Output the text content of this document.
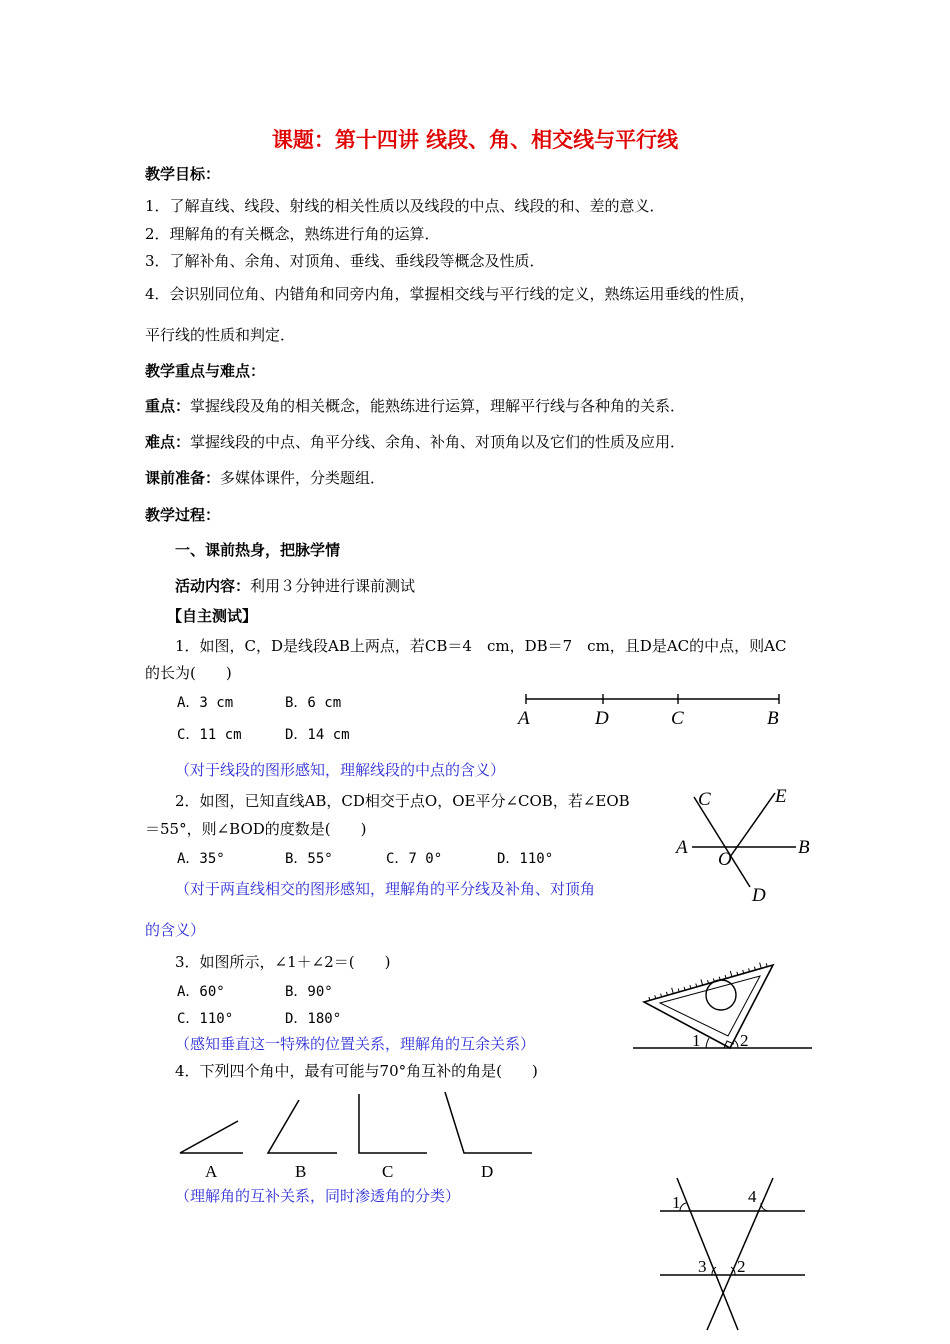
课题：第十四讲 线段、角、相交线与平行线
教学目标：
1．了解直线、线段、射线的相关性质以及线段的中点、线段的和、差的意义．
2．理解角的有关概念，熟练进行角的运算．
3．了解补角、余角、对顶角、垂线、垂线段等概念及性质．
4．会识别同位角、内错角和同旁内角，掌握相交线与平行线的定义，熟练运用垂线的性质，
平行线的性质和判定．
教学重点与难点：
重点：掌握线段及角的相关概念，能熟练进行运算，理解平行线与各种角的关系．
难点：掌握线段的中点、角平分线、余角、补角、对顶角以及它们的性质及应用．
课前准备：多媒体课件，分类题组．
教学过程：
一、课前热身，把脉学情
活动内容：利用３分钟进行课前测试
【自主测试】
1．如图，C，D是线段AB上两点，若CB＝4　cm，DB＝7　cm，且D是AC的中点，则AC
的长为(　　)
A．3 cm	B．6 cm
C．11 cm	D．14 cm
（对于线段的图形感知，理解线段的中点的含义）
A	D	C	B
2．如图，已知直线AB，CD相交于点O，OE平分∠COB，若∠EOB
＝55°，则∠BOD的度数是(　　)
A．35°	B．55°	C．7 0°	D．110°
（对于两直线相交的图形感知，理解角的平分线及补角、对顶角
的含义）
C	E
A	B
O
D
3．如图所示，∠1＋∠2＝(　　)
A．60°	B．90°
C．110°	D．180°
（感知垂直这一特殊的位置关系，理解角的互余关系）	1 2
4．下列四个角中，最有可能与70°角互补的角是(　　)
A	B	C	D
（理解角的互补关系，同时渗透角的分类）	1	4
3 2
